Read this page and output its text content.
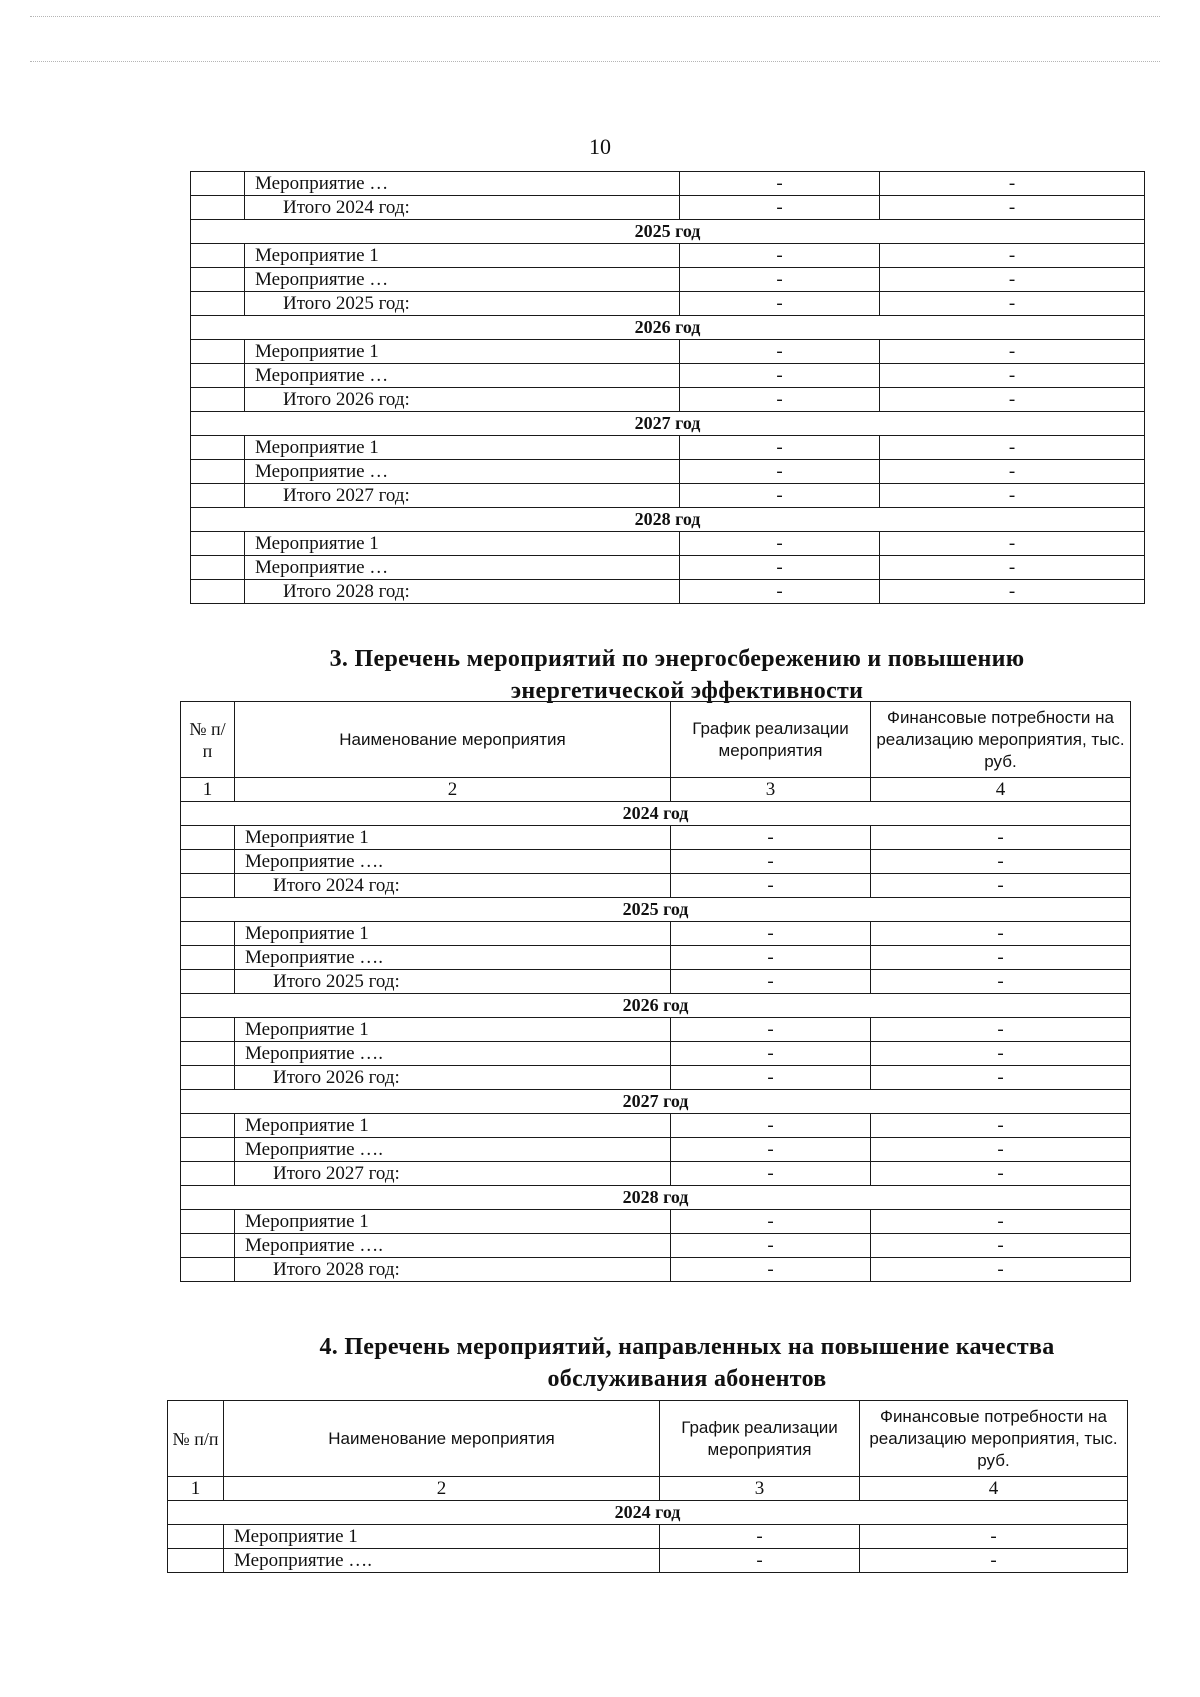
10
	Мероприятие …	-	-
	Итого 2024 год:	-	-
2025 год			
	Мероприятие 1	-	-
	Мероприятие …	-	-
	Итого 2025 год:	-	-
2026 год			
	Мероприятие 1	-	-
	Мероприятие …	-	-
	Итого 2026 год:	-	-
2027 год			
	Мероприятие 1	-	-
	Мероприятие …	-	-
	Итого 2027 год:	-	-
2028 год			
	Мероприятие 1	-	-
	Мероприятие …	-	-
	Итого 2028 год:	-	-
3. Перечень мероприятий по энергосбережению и повышению
энергетической эффективности
№ п/п	Наименование мероприятия	График реализации мероприятия	Финансовые потребности на реализацию мероприятия, тыс. руб.
1	2	3	4
2024 год			
	Мероприятие 1	-	-
	Мероприятие ….	-	-
	Итого 2024 год:	-	-
2025 год			
	Мероприятие 1	-	-
	Мероприятие ….	-	-
	Итого 2025 год:	-	-
2026 год			
	Мероприятие 1	-	-
	Мероприятие ….	-	-
	Итого 2026 год:	-	-
2027 год			
	Мероприятие 1	-	-
	Мероприятие ….	-	-
	Итого 2027 год:	-	-
2028 год			
	Мероприятие 1	-	-
	Мероприятие ….	-	-
	Итого 2028 год:	-	-
4. Перечень мероприятий, направленных на повышение качества
обслуживания абонентов
№ п/п	Наименование мероприятия	График реализации мероприятия	Финансовые потребности на реализацию мероприятия, тыс. руб.
1	2	3	4
2024 год			
	Мероприятие 1	-	-
	Мероприятие ….	-	-
